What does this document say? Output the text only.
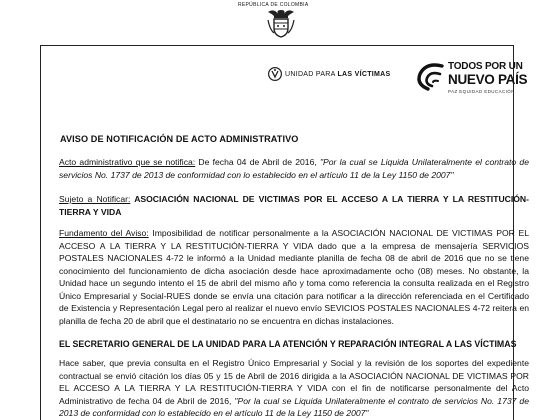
REPÚBLICA DE COLOMBIA
UNIDAD PARA LAS VÍCTIMAS
TODOS POR UN
NUEVO PAÍS
PAZ EQUIDAD EDUCACIÓN
AVISO DE NOTIFICACIÓN DE ACTO ADMINISTRATIVO

Acto administrativo que se notifica: De fecha 04 de Abril de 2016, "Por la cual se Liquida Unilateralmente el contrato de servicios No. 1737 de 2013 de conformidad con lo establecido en el artículo 11 de la Ley 1150 de 2007"

Sujeto a Notificar: ASOCIACIÓN NACIONAL DE VICTIMAS POR EL ACCESO A LA TIERRA Y LA RESTITUCIÓN-TIERRA Y VIDA

Fundamento del Aviso: Imposibilidad de notificar personalmente a la ASOCIACIÓN NACIONAL DE VICTIMAS POR EL ACCESO A LA TIERRA Y LA RESTITUCIÓN-TIERRA Y VIDA dado que a la empresa de mensajería SERVICIOS POSTALES NACIONALES 4-72 le informó a la Unidad mediante planilla de fecha 08 de abril de 2016 que no se tiene conocimiento del funcionamiento de dicha asociación desde hace aproximadamente ocho (08) meses. No obstante, la Unidad hace un segundo intento el 15 de abril del mismo año y toma como referencia la consulta realizada en el Registro Único Empresarial y Social-RUES donde se envía una citación para notificar a la dirección referenciada en el Certificado de Existencia y Representación Legal pero al realizar el nuevo envío SEVICIOS POSTALES NACIONALES 4-72 reitera en planilla de fecha 20 de abril que el destinatario no se encuentra en dichas instalaciones.

EL SECRETARIO GENERAL DE LA UNIDAD PARA LA ATENCIÓN Y REPARACIÓN INTEGRAL A LAS VÍCTIMAS

Hace saber, que previa consulta en el Registro Único Empresarial y Social y la revisión de los soportes del expediente contractual se envió citación los días 05 y 15 de Abril de 2016 dirigida a la ASOCIACIÓN NACIONAL DE VICTIMAS POR EL ACCESO A LA TIERRA Y LA RESTITUCIÓN-TIERRA Y VIDA con el fin de notificarse personalmente del Acto Administrativo de fecha 04 de Abril de 2016, "Por la cual se Liquida Unilateralmente el contrato de servicios No. 1737 de 2013 de conformidad con lo establecido en el artículo 11 de la Ley 1150 de 2007"
